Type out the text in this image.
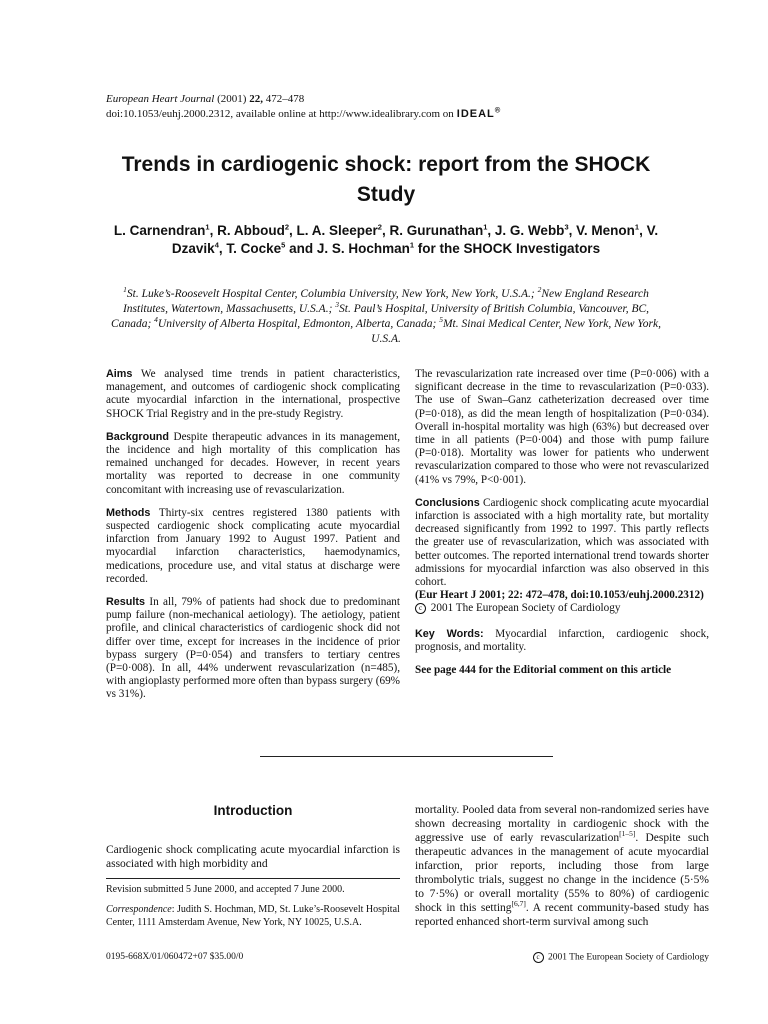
European Heart Journal (2001) 22, 472–478
doi:10.1053/euhj.2000.2312, available online at http://www.idealibrary.com on IDEAL®
Trends in cardiogenic shock: report from the SHOCK Study
L. Carnendran$^1$, R. Abboud$^2$, L. A. Sleeper$^2$, R. Gurunathan$^1$, J. G. Webb$^3$, V. Menon$^1$, V. Dzavik$^4$, T. Cocke$^5$ and J. S. Hochman$^1$ for the SHOCK Investigators
$^1$St. Luke’s-Roosevelt Hospital Center, Columbia University, New York, New York, U.S.A.; $^2$New England Research Institutes, Watertown, Massachusetts, U.S.A.; $^3$St. Paul’s Hospital, University of British Columbia, Vancouver, BC, Canada; $^4$University of Alberta Hospital, Edmonton, Alberta, Canada; $^5$Mt. Sinai Medical Center, New York, New York, U.S.A.

Aims We analysed time trends in patient characteristics, management, and outcomes of cardiogenic shock complicating acute myocardial infarction in the international, prospective SHOCK Trial Registry and in the pre-study Registry.

Background Despite therapeutic advances in its management, the incidence and high mortality of this complication has remained unchanged for decades. However, in recent years mortality was reported to decrease in one community concomitant with increasing use of revascularization.

Methods Thirty-six centres registered 1380 patients with suspected cardiogenic shock complicating acute myocardial infarction from January 1992 to August 1997. Patient and myocardial infarction characteristics, haemodynamics, medications, procedure use, and vital status at discharge were recorded.

Results In all, 79% of patients had shock due to predominant pump failure (non-mechanical aetiology). The aetiology, patient profile, and clinical characteristics of cardiogenic shock did not differ over time, except for increases in the incidence of prior bypass surgery (P=0·054) and transfers to tertiary centres (P=0·008). In all, 44% underwent revascularization (n=485), with angioplasty performed more often than bypass surgery (69% vs 31%).

The revascularization rate increased over time (P=0·006) with a significant decrease in the time to revascularization (P=0·033). The use of Swan–Ganz catheterization decreased over time (P=0·018), as did the mean length of hospitalization (P=0·034). Overall in-hospital mortality was high (63%) but decreased over time in all patients (P=0·004) and those with pump failure (P=0·018). Mortality was lower for patients who underwent revascularization compared to those who were not revascularized (41% vs 79%, P<0·001).

Conclusions Cardiogenic shock complicating acute myocardial infarction is associated with a high mortality rate, but mortality decreased significantly from 1992 to 1997. This partly reflects the greater use of revascularization, which was associated with better outcomes. The reported international trend towards shorter admissions for myocardial infarction was also observed in this cohort.

(Eur Heart J 2001; 22: 472–478, doi:10.1053/euhj.2000.2312)
c 2001 The European Society of Cardiology

Key Words: Myocardial infarction, cardiogenic shock, prognosis, and mortality.

See page 444 for the Editorial comment on this article

Introduction
Cardiogenic shock complicating acute myocardial infarction is associated with high morbidity and
mortality. Pooled data from several non-randomized series have shown decreasing mortality in cardiogenic shock with the aggressive use of early revascularization[1–5]. Despite such therapeutic advances in the management of acute myocardial infarction, prior reports, including those from large thrombolytic trials, suggest no change in the incidence (5·5% to 7·5%) or overall mortality (55% to 80%) of cardiogenic shock in this setting[6,7]. A recent community-based study has reported enhanced short-term survival among such
Revision submitted 5 June 2000, and accepted 7 June 2000.
Correspondence: Judith S. Hochman, MD, St. Luke’s-Roosevelt Hospital Center, 1111 Amsterdam Avenue, New York, NY 10025, U.S.A.
0195-668X/01/060472+07 $35.00/0	c 2001 The European Society of Cardiology
